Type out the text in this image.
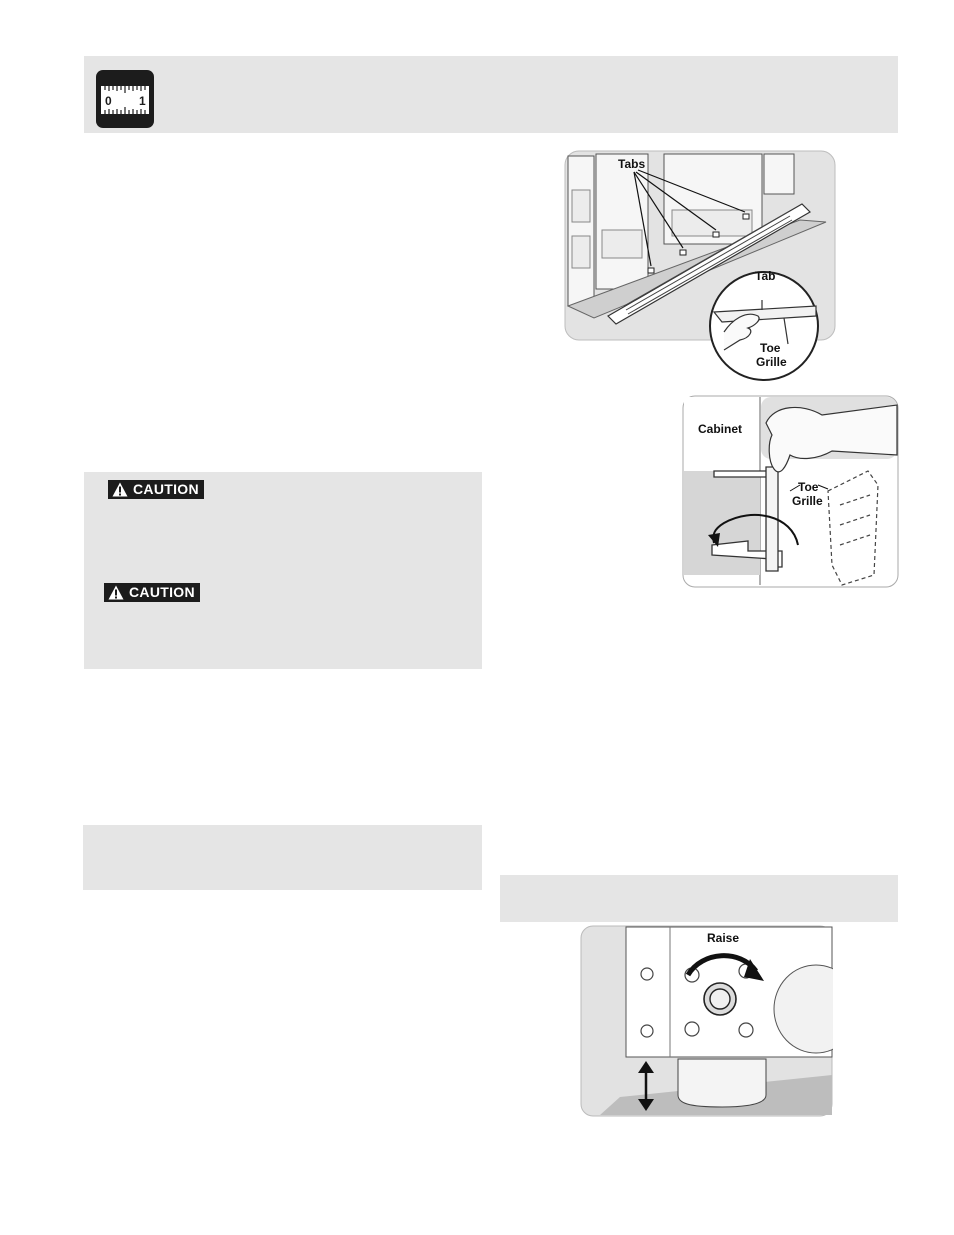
0 1
CAUTION
CAUTION
Tabs
Tab
Toe
Grille
Cabinet
Toe
Grille
Raise
